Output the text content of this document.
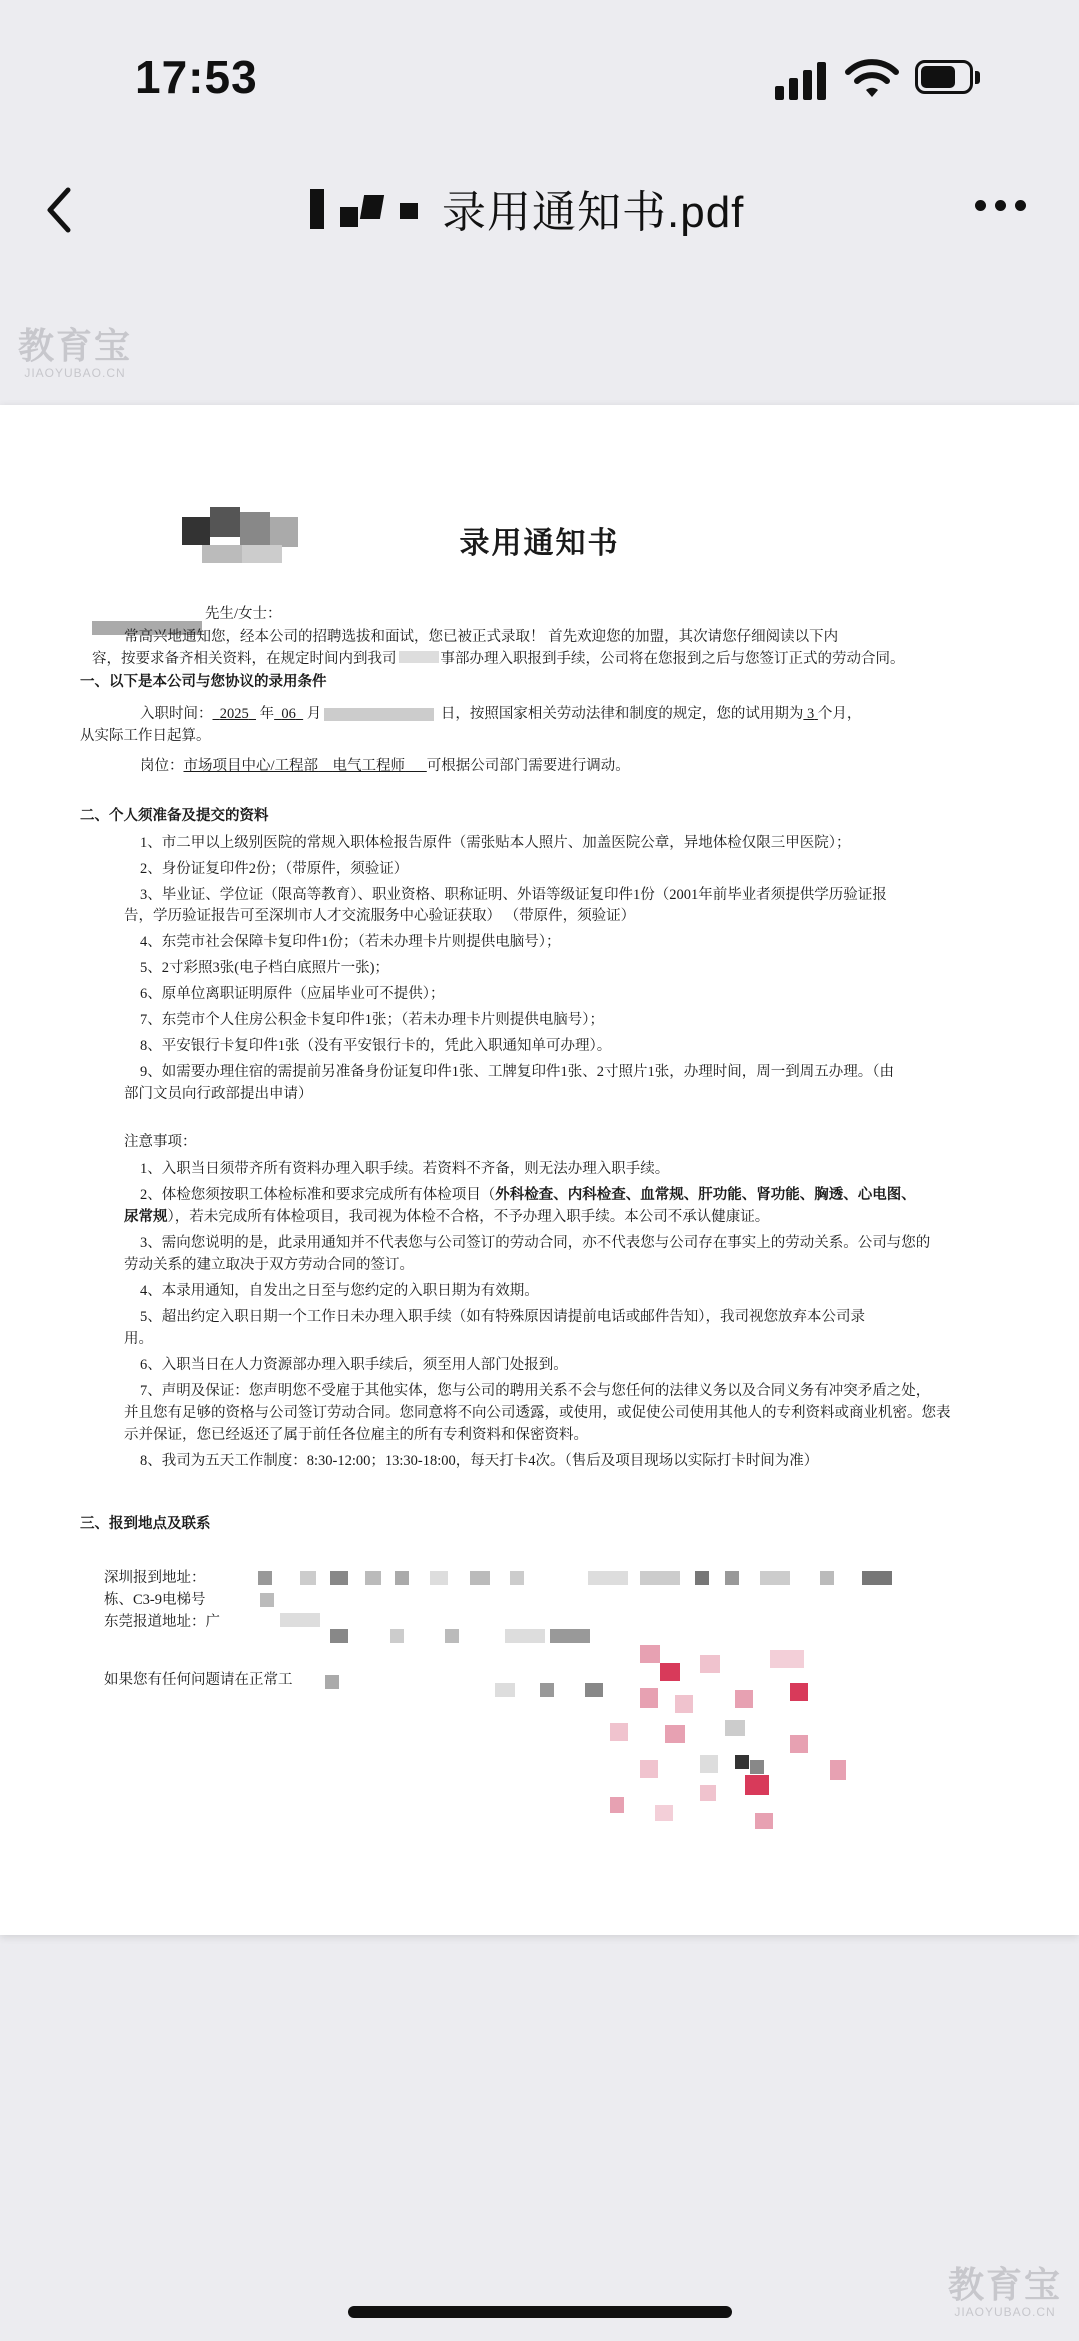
17:53
录用通知书.pdf
教育宝
JIAOYUBAO.CN
教育宝
JIAOYUBAO.CN
录用通知书
先生/女士：
常高兴地通知您，经本公司的招聘选拔和面试，您已被正式录取！ 首先欢迎您的加盟，其次请您仔细阅读以下内
容，按要求备齐相关资料，在规定时间内到我司	事部办理入职报到手续，公司将在您报到之后与您签订正式的劳动合同。
一、以下是本公司与您协议的录用条件
入职时间： 2025 年 06 月	日，按照国家相关劳动法律和制度的规定，您的试用期为 3 个月，
从实际工作日起算。
岗位：市场项目中心/工程部 电气工程师 可根据公司部门需要进行调动。
二、个人须准备及提交的资料
1、市二甲以上级别医院的常规入职体检报告原件（需张贴本人照片、加盖医院公章，异地体检仅限三甲医院）；
2、身份证复印件2份；（带原件，须验证）
3、毕业证、学位证（限高等教育）、职业资格、职称证明、外语等级证复印件1份（2001年前毕业者须提供学历验证报
告，学历验证报告可至深圳市人才交流服务中心验证获取） （带原件，须验证）
4、东莞市社会保障卡复印件1份；（若未办理卡片则提供电脑号）；
5、2寸彩照3张(电子档白底照片一张)；
6、原单位离职证明原件（应届毕业可不提供）；
7、东莞市个人住房公积金卡复印件1张；（若未办理卡片则提供电脑号）；
8、平安银行卡复印件1张（没有平安银行卡的，凭此入职通知单可办理）。
9、如需要办理住宿的需提前另准备身份证复印件1张、工牌复印件1张、2寸照片1张，办理时间，周一到周五办理。（由
部门文员向行政部提出申请）
注意事项：
1、入职当日须带齐所有资料办理入职手续。若资料不齐备，则无法办理入职手续。
2、体检您须按职工体检标准和要求完成所有体检项目（外科检查、内科检查、血常规、肝功能、肾功能、胸透、心电图、
尿常规），若未完成所有体检项目，我司视为体检不合格，不予办理入职手续。本公司不承认健康证。
3、需向您说明的是，此录用通知并不代表您与公司签订的劳动合同，亦不代表您与公司存在事实上的劳动关系。公司与您的
劳动关系的建立取决于双方劳动合同的签订。
4、本录用通知，自发出之日至与您约定的入职日期为有效期。
5、超出约定入职日期一个工作日未办理入职手续（如有特殊原因请提前电话或邮件告知），我司视您放弃本公司录
用。
6、入职当日在人力资源部办理入职手续后，须至用人部门处报到。
7、声明及保证：您声明您不受雇于其他实体，您与公司的聘用关系不会与您任何的法律义务以及合同义务有冲突矛盾之处，
并且您有足够的资格与公司签订劳动合同。您同意将不向公司透露，或使用，或促使公司使用其他人的专利资料或商业机密。您表
示并保证，您已经返还了属于前任各位雇主的所有专利资料和保密资料。
8、我司为五天工作制度：8:30-12:00；13:30-18:00，每天打卡4次。（售后及项目现场以实际打卡时间为准）
三、报到地点及联系
深圳报到地址：
栋、C3-9电梯号
东莞报道地址：广
如果您有任何问题请在正常工
